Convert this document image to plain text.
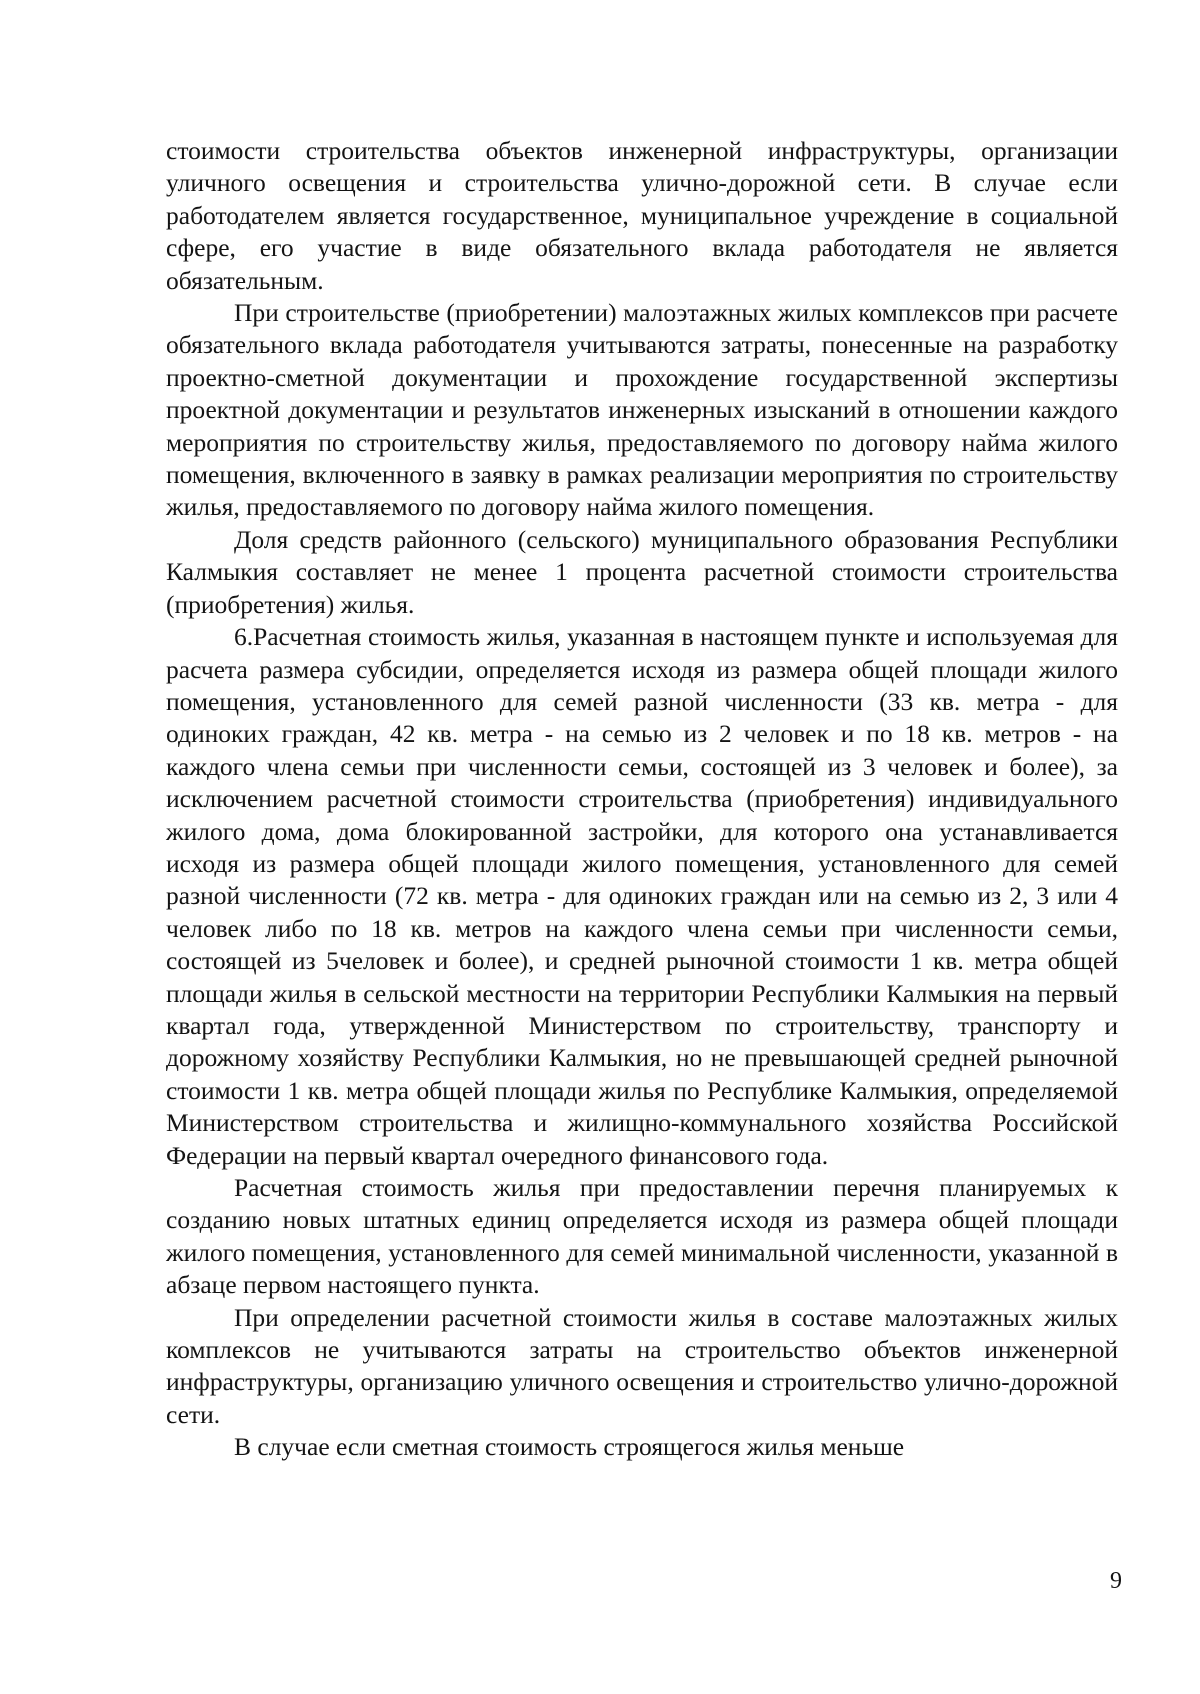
стоимости строительства объектов инженерной инфраструктуры, организации уличного освещения и строительства улично-дорожной сети. В случае если работодателем является государственное, муниципальное учреждение в социальной сфере, его участие в виде обязательного вклада работодателя не является обязательным.

При строительстве (приобретении) малоэтажных жилых комплексов при расчете обязательного вклада работодателя учитываются затраты, понесенные на разработку проектно-сметной документации и прохождение государственной экспертизы проектной документации и результатов инженерных изысканий в отношении каждого мероприятия по строительству жилья, предоставляемого по договору найма жилого помещения, включенного в заявку в рамках реализации мероприятия по строительству жилья, предоставляемого по договору найма жилого помещения.

Доля средств районного (сельского) муниципального образования Республики Калмыкия составляет не менее 1 процента расчетной стоимости строительства (приобретения) жилья.

6.Расчетная стоимость жилья, указанная в настоящем пункте и используемая для расчета размера субсидии, определяется исходя из размера общей площади жилого помещения, установленного для семей разной численности (33 кв. метра - для одиноких граждан, 42 кв. метра - на семью из 2 человек и по 18 кв. метров - на каждого члена семьи при численности семьи, состоящей из 3 человек и более), за исключением расчетной стоимости строительства (приобретения) индивидуального жилого дома, дома блокированной застройки, для которого она устанавливается исходя из размера общей площади жилого помещения, установленного для семей разной численности (72 кв. метра - для одиноких граждан или на семью из 2, 3 или 4 человек либо по 18 кв. метров на каждого члена семьи при численности семьи, состоящей из 5человек и более), и средней рыночной стоимости 1 кв. метра общей площади жилья в сельской местности на территории Республики Калмыкия на первый квартал года, утвержденной Министерством по строительству, транспорту и дорожному хозяйству Республики Калмыкия, но не превышающей средней рыночной стоимости 1 кв. метра общей площади жилья по Республике Калмыкия, определяемой Министерством строительства и жилищно-коммунального хозяйства Российской Федерации на первый квартал очередного финансового года.

Расчетная стоимость жилья при предоставлении перечня планируемых к созданию новых штатных единиц определяется исходя из размера общей площади жилого помещения, установленного для семей минимальной численности, указанной в абзаце первом настоящего пункта.

При определении расчетной стоимости жилья в составе малоэтажных жилых комплексов не учитываются затраты на строительство объектов инженерной инфраструктуры, организацию уличного освещения и строительство улично-дорожной сети.

В случае если сметная стоимость строящегося жилья меньше

9
